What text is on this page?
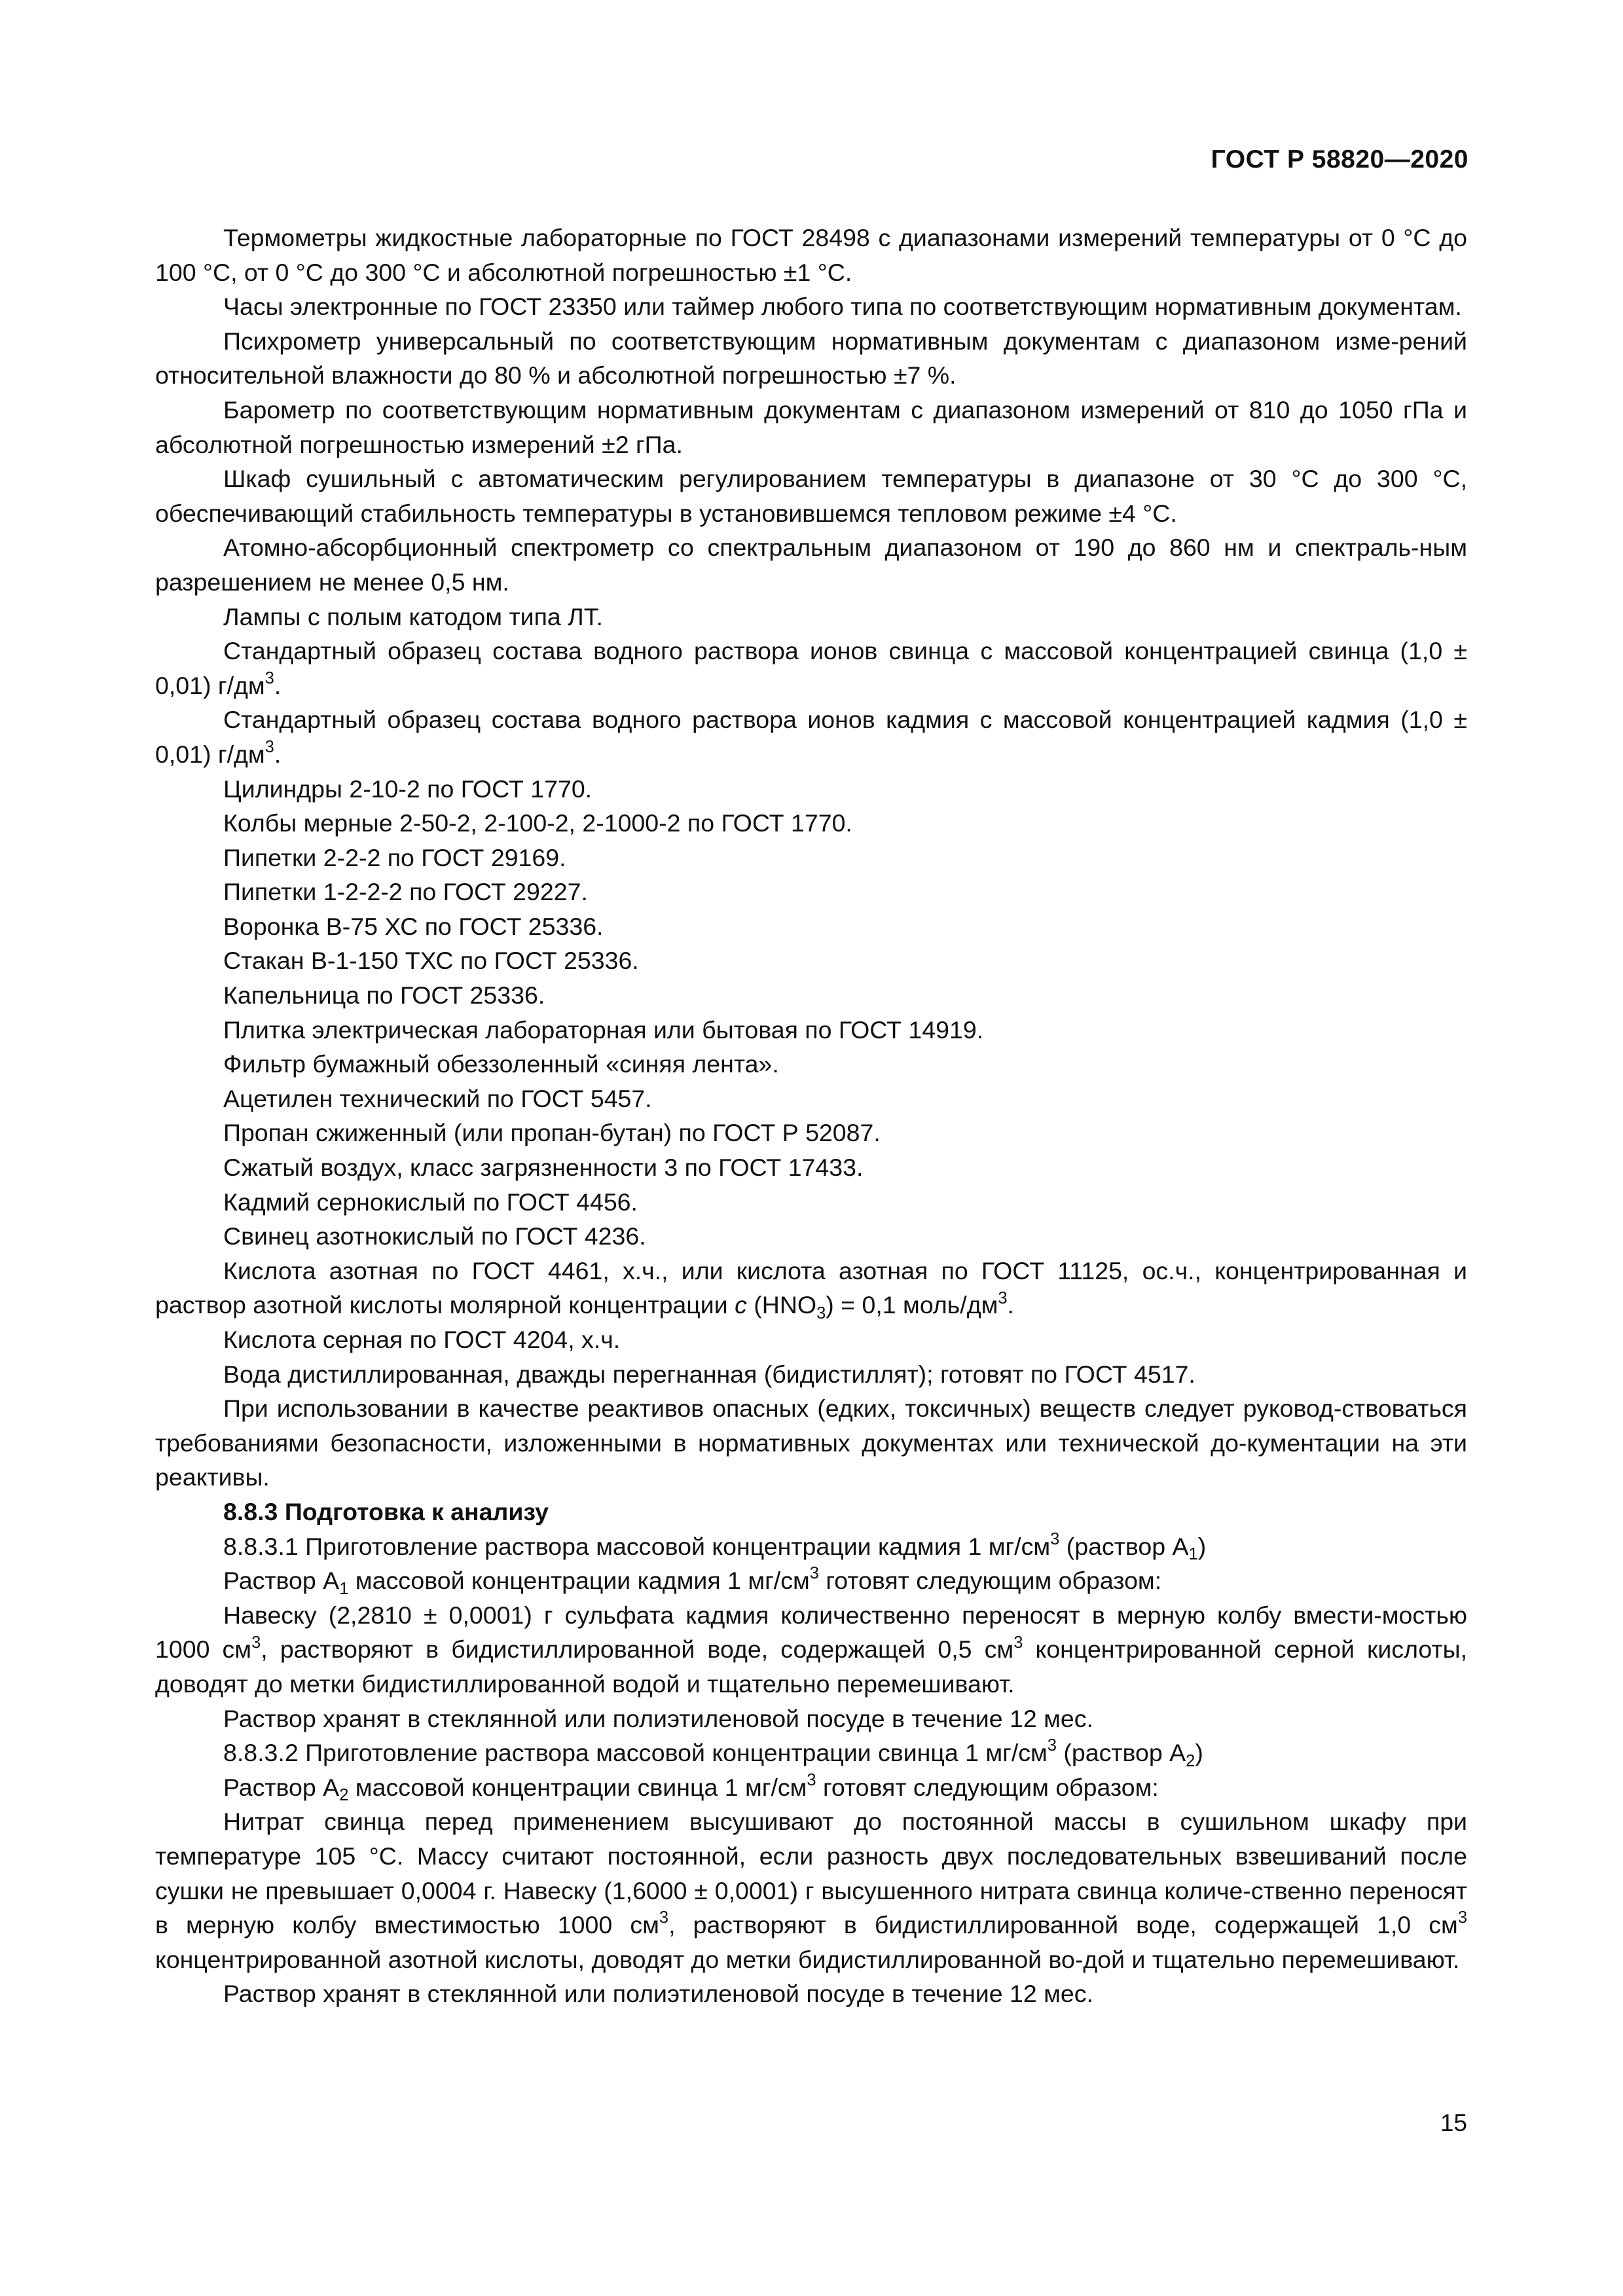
ГОСТ Р 58820—2020

Термометры жидкостные лабораторные по ГОСТ 28498 с диапазонами измерений температуры от 0 °С до 100 °С, от 0 °С до 300 °С и абсолютной погрешностью ±1 °С.

Часы электронные по ГОСТ 23350 или таймер любого типа по соответствующим нормативным документам.

Психрометр универсальный по соответствующим нормативным документам с диапазоном изме-рений относительной влажности до 80 % и абсолютной погрешностью ±7 %.

Барометр по соответствующим нормативным документам с диапазоном измерений от 810 до 1050 гПа и абсолютной погрешностью измерений ±2 гПа.

Шкаф сушильный с автоматическим регулированием температуры в диапазоне от 30 °С до 300 °С, обеспечивающий стабильность температуры в установившемся тепловом режиме ±4 °С.

Атомно-абсорбционный спектрометр со спектральным диапазоном от 190 до 860 нм и спектраль-ным разрешением не менее 0,5 нм.

Лампы с полым катодом типа ЛТ.

Стандартный образец состава водного раствора ионов свинца с массовой концентрацией свинца (1,0 ± 0,01) $г/дм^3$.

Стандартный образец состава водного раствора ионов кадмия с массовой концентрацией кадмия (1,0 ± 0,01) $г/дм^3$.

Цилиндры 2-10-2 по ГОСТ 1770.

Колбы мерные 2-50-2, 2-100-2, 2-1000-2 по ГОСТ 1770.

Пипетки 2-2-2 по ГОСТ 29169.

Пипетки 1-2-2-2 по ГОСТ 29227.

Воронка В-75 ХС по ГОСТ 25336.

Стакан В-1-150 ТХС по ГОСТ 25336.

Капельница по ГОСТ 25336.

Плитка электрическая лабораторная или бытовая по ГОСТ 14919.

Фильтр бумажный обеззоленный «синяя лента».

Ацетилен технический по ГОСТ 5457.

Пропан сжиженный (или пропан-бутан) по ГОСТ Р 52087.

Сжатый воздух, класс загрязненности 3 по ГОСТ 17433.

Кадмий сернокислый по ГОСТ 4456.

Свинец азотнокислый по ГОСТ 4236.

Кислота азотная по ГОСТ 4461, х.ч., или кислота азотная по ГОСТ 11125, ос.ч., концентрированная и раствор азотной кислоты молярной концентрации c $(HNO_3) = 0,1$ моль/$дм^3$.

Кислота серная по ГОСТ 4204, х.ч.

Вода дистиллированная, дважды перегнанная (бидистиллят); готовят по ГОСТ 4517.

При использовании в качестве реактивов опасных (едких, токсичных) веществ следует руковод-ствоваться требованиями безопасности, изложенными в нормативных документах или технической до-кументации на эти реактивы.

8.8.3 Подготовка к анализу

8.8.3.1 Приготовление раствора массовой концентрации кадмия 1 $мг/см^3$ (раствор $А_1$)

Раствор $А_1$ массовой концентрации кадмия 1 $мг/см^3$ готовят следующим образом:

Навеску (2,2810 ± 0,0001) г сульфата кадмия количественно переносят в мерную колбу вмести-мостью 1000 $см^3$, растворяют в бидистиллированной воде, содержащей 0,5 $см^3$ концентрированной серной кислоты, доводят до метки бидистиллированной водой и тщательно перемешивают.

Раствор хранят в стеклянной или полиэтиленовой посуде в течение 12 мес.

8.8.3.2 Приготовление раствора массовой концентрации свинца 1 $мг/см^3$ (раствор $А_2$)

Раствор $А_2$ массовой концентрации свинца 1 $мг/см^3$ готовят следующим образом:

Нитрат свинца перед применением высушивают до постоянной массы в сушильном шкафу при температуре 105 °С. Массу считают постоянной, если разность двух последовательных взвешиваний после сушки не превышает 0,0004 г. Навеску (1,6000 ± 0,0001) г высушенного нитрата свинца количе-ственно переносят в мерную колбу вместимостью 1000 $см^3$, растворяют в бидистиллированной воде, содержащей 1,0 $см^3$ концентрированной азотной кислоты, доводят до метки бидистиллированной во-дой и тщательно перемешивают.

Раствор хранят в стеклянной или полиэтиленовой посуде в течение 12 мес.

15
